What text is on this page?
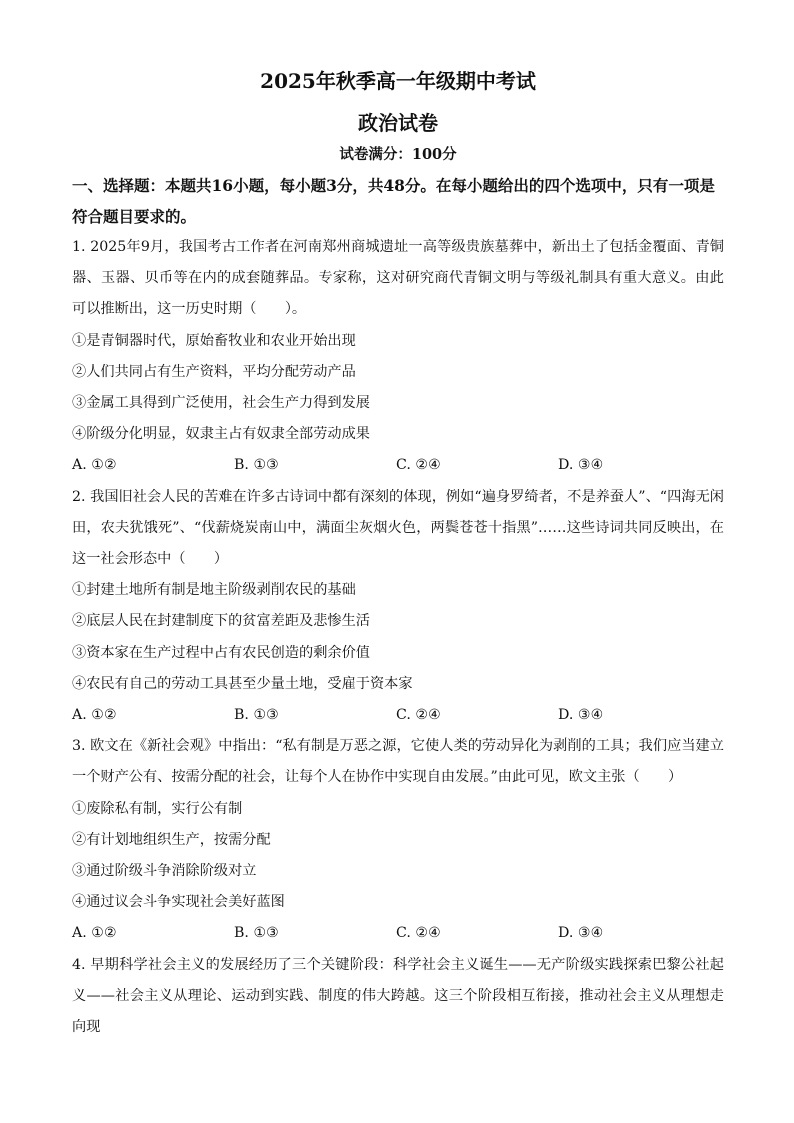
2025年秋季高一年级期中考试
政治试卷
试卷满分：100分
一、选择题：本题共16小题，每小题3分，共48分。在每小题给出的四个选项中，只有一项是符合题目要求的。
1. 2025年9月，我国考古工作者在河南郑州商城遗址一高等级贵族墓葬中，新出土了包括金覆面、青铜器、玉器、贝币等在内的成套随葬品。专家称，这对研究商代青铜文明与等级礼制具有重大意义。由此可以推断出，这一历史时期（　　）。
①是青铜器时代，原始畜牧业和农业开始出现
②人们共同占有生产资料，平均分配劳动产品
③金属工具得到广泛使用，社会生产力得到发展
④阶级分化明显，奴隶主占有奴隶全部劳动成果
A. ①②	B. ①③	C. ②④	D. ③④
2. 我国旧社会人民的苦难在许多古诗词中都有深刻的体现，例如“遍身罗绮者，不是养蚕人”、“四海无闲田，农夫犹饿死”、“伐薪烧炭南山中，满面尘灰烟火色，两鬓苍苍十指黑”……这些诗词共同反映出，在这一社会形态中（　　）
①封建土地所有制是地主阶级剥削农民的基础
②底层人民在封建制度下的贫富差距及悲惨生活
③资本家在生产过程中占有农民创造的剩余价值
④农民有自己的劳动工具甚至少量土地，受雇于资本家
A. ①②	B. ①③	C. ②④	D. ③④
3. 欧文在《新社会观》中指出：“私有制是万恶之源，它使人类的劳动异化为剥削的工具；我们应当建立一个财产公有、按需分配的社会，让每个人在协作中实现自由发展。”由此可见，欧文主张（　　）
①废除私有制，实行公有制
②有计划地组织生产，按需分配
③通过阶级斗争消除阶级对立
④通过议会斗争实现社会美好蓝图
A. ①②	B. ①③	C. ②④	D. ③④
4. 早期科学社会主义的发展经历了三个关键阶段：科学社会主义诞生——无产阶级实践探索巴黎公社起义——社会主义从理论、运动到实践、制度的伟大跨越。这三个阶段相互衔接，推动社会主义从理想走向现
